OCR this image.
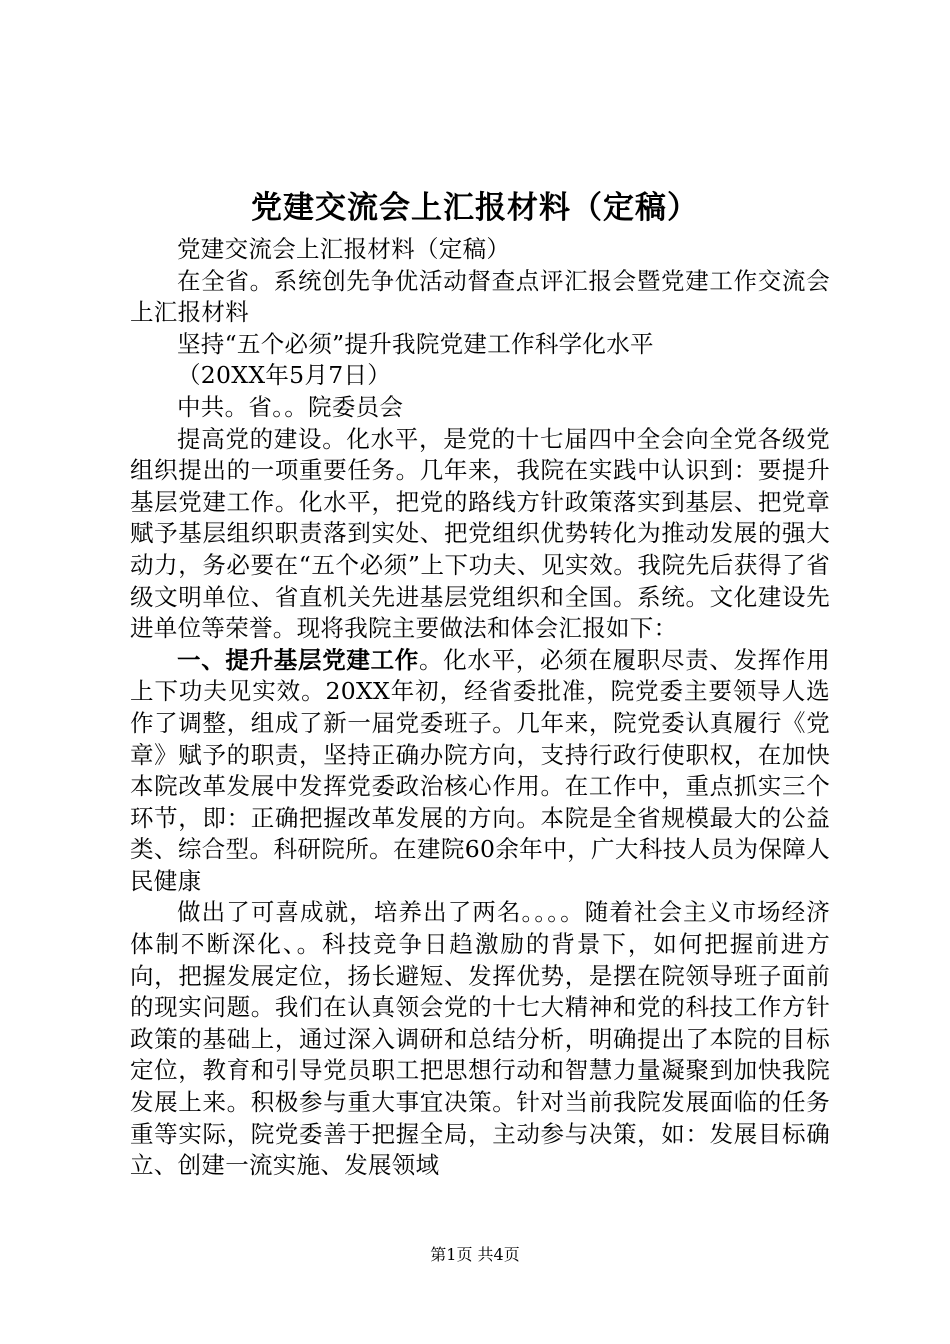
党建交流会上汇报材料（定稿）

党建交流会上汇报材料（定稿）

在全省。系统创先争优活动督查点评汇报会暨党建工作交流会上汇报材料

坚持“五个必须”提升我院党建工作科学化水平

（20XX年5月7日）

中共。省。。院委员会

提高党的建设。化水平，是党的十七届四中全会向全党各级党组织提出的一项重要任务。几年来，我院在实践中认识到：要提升基层党建工作。化水平，把党的路线方针政策落实到基层、把党章赋予基层组织职责落到实处、把党组织优势转化为推动发展的强大动力，务必要在“五个必须”上下功夫、见实效。我院先后获得了省级文明单位、省直机关先进基层党组织和全国。系统。文化建设先进单位等荣誉。现将我院主要做法和体会汇报如下：

一、提升基层党建工作。化水平，必须在履职尽责、发挥作用上下功夫见实效。20XX年初，经省委批准，院党委主要领导人选作了调整，组成了新一届党委班子。几年来，院党委认真履行《党章》赋予的职责，坚持正确办院方向，支持行政行使职权，在加快本院改革发展中发挥党委政治核心作用。在工作中，重点抓实三个环节，即：正确把握改革发展的方向。本院是全省规模最大的公益类、综合型。科研院所。在建院60余年中，广大科技人员为保障人民健康

做出了可喜成就，培养出了两名。。。。随着社会主义市场经济体制不断深化、。科技竞争日趋激励的背景下，如何把握前进方向，把握发展定位，扬长避短、发挥优势，是摆在院领导班子面前的现实问题。我们在认真领会党的十七大精神和党的科技工作方针政策的基础上，通过深入调研和总结分析，明确提出了本院的目标定位，教育和引导党员职工把思想行动和智慧力量凝聚到加快我院发展上来。积极参与重大事宜决策。针对当前我院发展面临的任务重等实际，院党委善于把握全局，主动参与决策，如：发展目标确立、创建一流实施、发展领域

第1页 共4页
